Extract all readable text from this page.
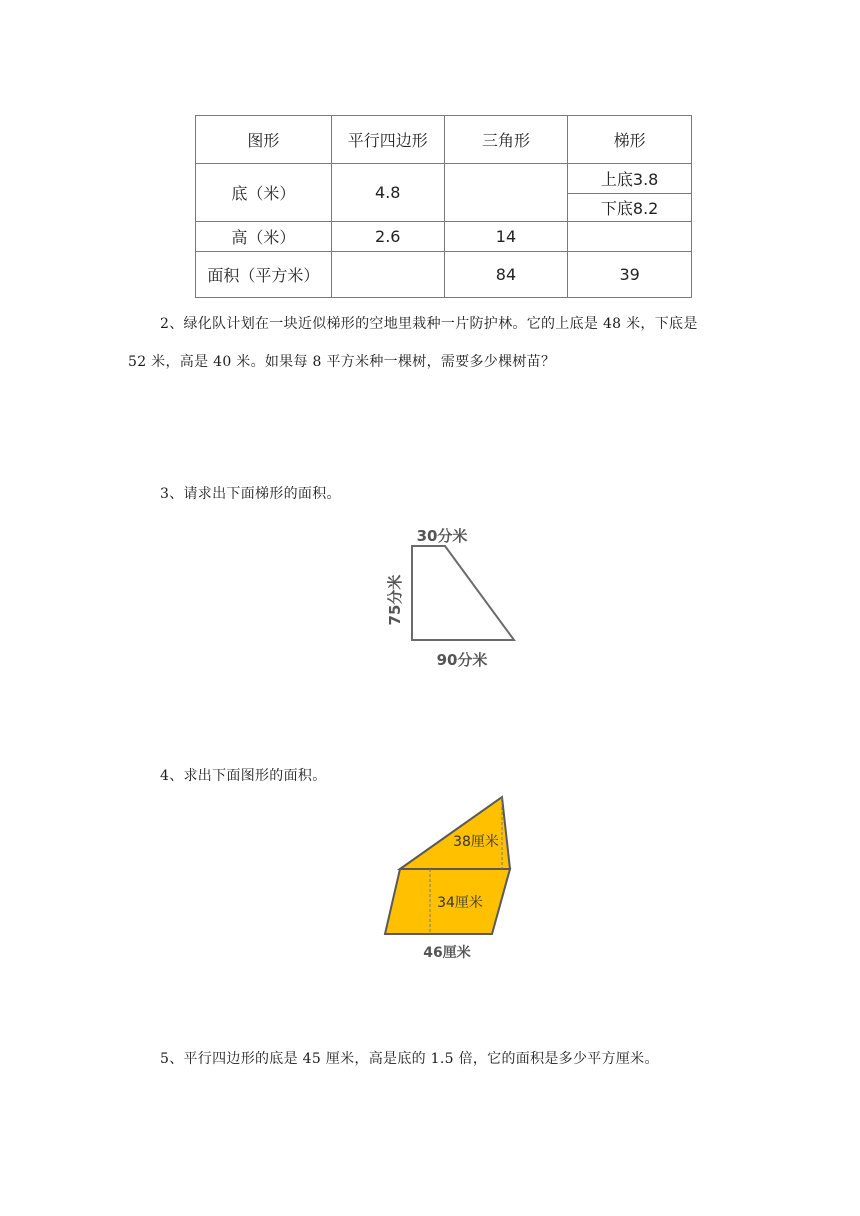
图形	平行四边形	三角形	梯形
底（米）	4.8		上底3.8
			下底8.2
高（米）	2.6	14	
面积（平方米）		84	39
2、绿化队计划在一块近似梯形的空地里栽种一片防护林。它的上底是 48 米，下底是
52 米，高是 40 米。如果每 8 平方米种一棵树，需要多少棵树苗？
3、请求出下面梯形的面积。
30分米
90分米
75分米
4、求出下面图形的面积。
38厘米
34厘米
46厘米
5、平行四边形的底是 45 厘米，高是底的 1.5 倍，它的面积是多少平方厘米。
